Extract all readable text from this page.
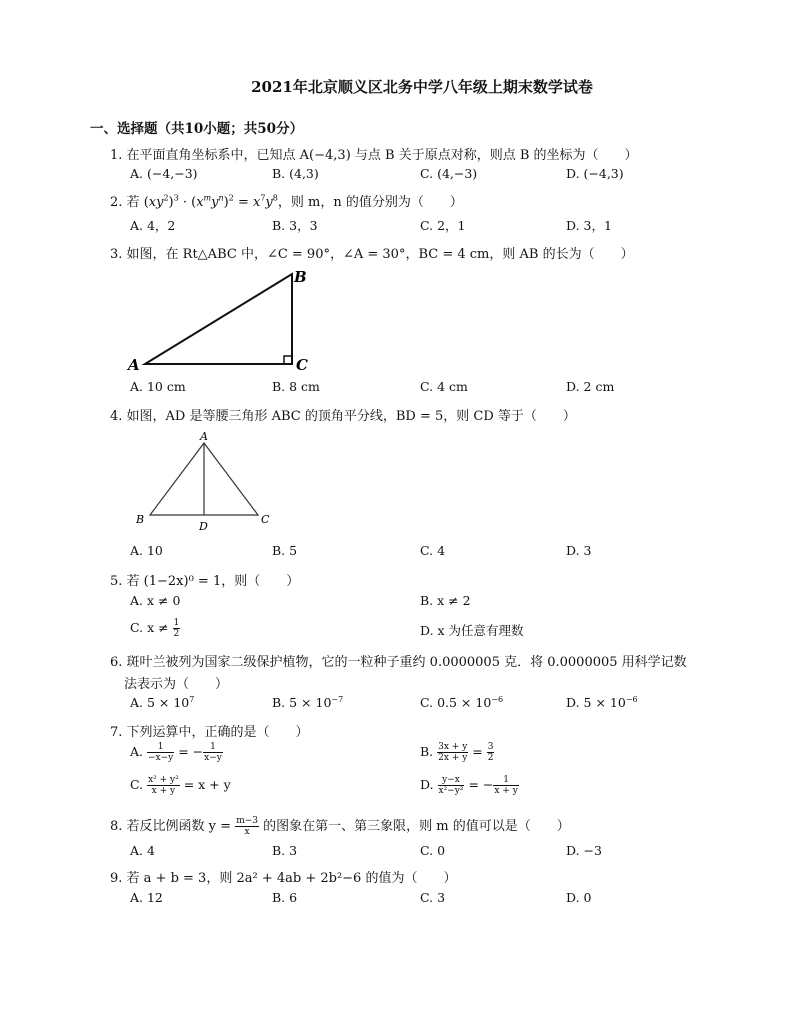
2021年北京顺义区北务中学八年级上期末数学试卷
一、选择题（共10小题；共50分）
1. 在平面直角坐标系中，已知点 A(−4,3) 与点 B 关于原点对称，则点 B 的坐标为（　　）
A. (−4,−3)	B. (4,3)	C. (4,−3)	D. (−4,3)
2. 若 $(xy^2)^3 \cdot (x^my^n)^2 = x^7y^8$，则 m，n 的值分别为（　　）
A. 4，2	B. 3，3	C. 2，1	D. 3，1
3. 如图，在 Rt△ABC 中，∠C = 90°，∠A = 30°，BC = 4 cm，则 AB 的长为（　　）
A
B
C
A. 10 cm	B. 8 cm	C. 4 cm	D. 2 cm
4. 如图，AD 是等腰三角形 ABC 的顶角平分线，BD = 5，则 CD 等于（　　）
A
B	C
D
A. 10	B. 5	C. 4	D. 3
5. 若 (1−2x)⁰ = 1，则（　　）
A. x ≠ 0	B. x ≠ 2
C. $x \ne \frac{1}{2}$	D. x 为任意有理数
6. 斑叶兰被列为国家二级保护植物，它的一粒种子重约 0.0000005 克．将 0.0000005 用科学记数
法表示为（　　）
A. $5 \times 10^7$	B. $5 \times 10^{-7}$	C. $0.5 \times 10^{-6}$	D. $5 \times 10^{-6}$
7. 下列运算中，正确的是（　　）
A. $\frac{1}{-x-y}$ = − $\frac{1}{x-y}$	B. $\frac{3x + y}{2x + y} = \frac{3}{2}$
C. $\frac{\text{x² + y²}}{x + y} = x + y$	D. $\frac{y-x}{\text{x²−y²}}$ = − $\frac{1}{x + y}$
8. 若反比例函数 $y = \frac{m-3}{x}$ 的图象在第一、第三象限，则 m 的值可以是（　　）
A. 4	B. 3	C. 0	D. −3
9. 若 a + b = 3，则 2a² + 4ab + 2b²−6 的值为（　　）
A. 12	B. 6	C. 3	D. 0
